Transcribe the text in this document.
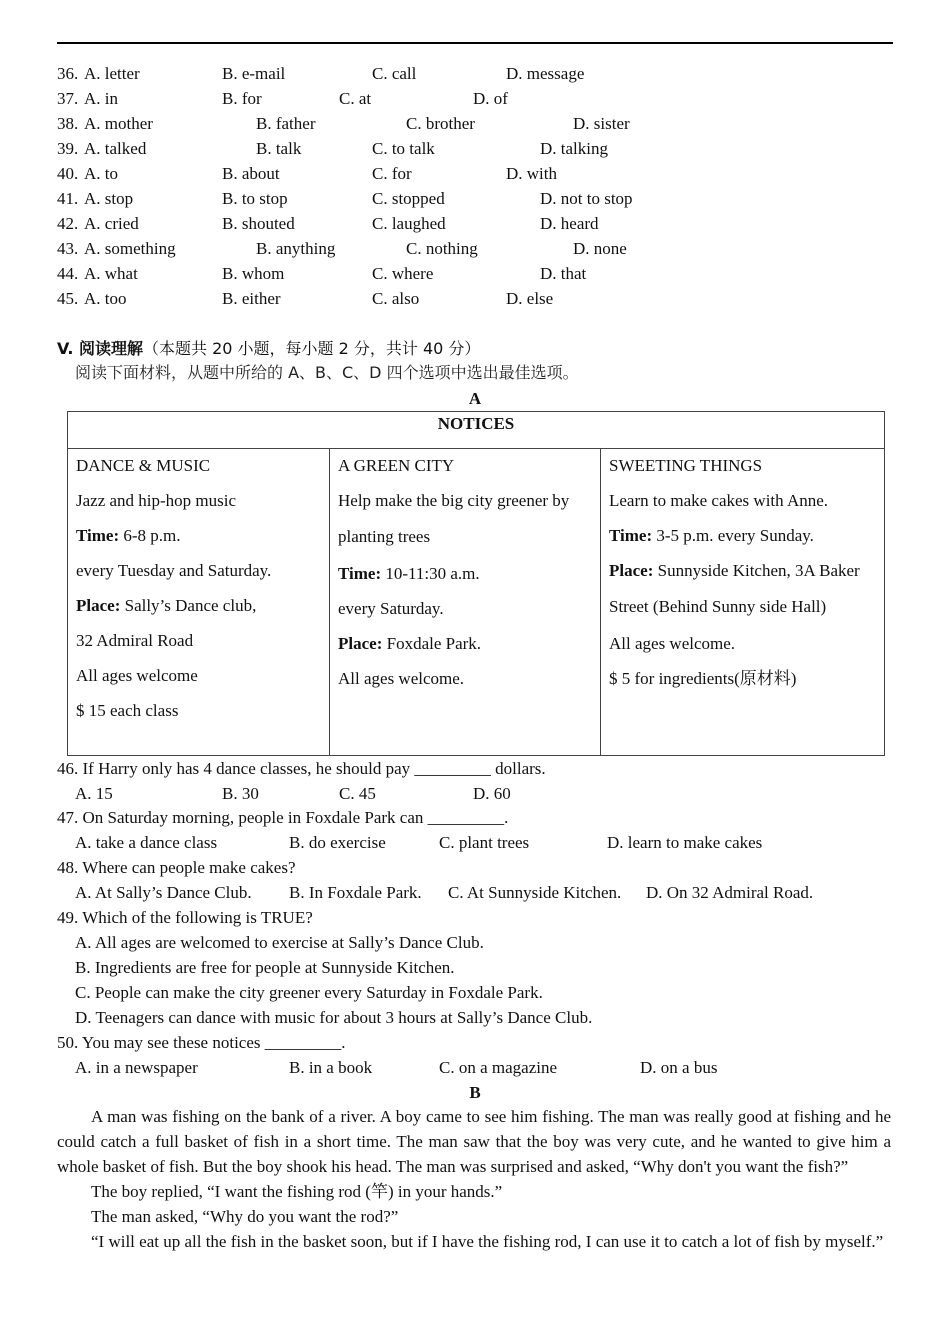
36. A. letter	B. e-mail	C. call	D. message
37. A. in	B. for	C. at	D. of
38. A. mother	B. father	C. brother	D. sister
39. A. talked	B. talk	C. to talk	D. talking
40. A. to	B. about	C. for	D. with
41. A. stop	B. to stop	C. stopped	D. not to stop
42. A. cried	B. shouted	C. laughed	D. heard
43. A. something	B. anything	C. nothing	D. none
44. A. what	B. whom	C. where	D. that
45. A. too	B. either	C. also	D. else
V. 阅读理解（本题共 20 小题，每小题 2 分，共计 40 分）
阅读下面材料，从题中所给的 A、B、C、D 四个选项中选出最佳选项。
A
NOTICES

DANCE & MUSIC

Jazz and hip-hop music

Time: 6-8 p.m.

every Tuesday and Saturday.

Place: Sally’s Dance club,

32 Admiral Road

All ages welcome

$ 15 each class

A GREEN CITY

Help make the big city greener by

planting trees

Time: 10-11:30 a.m.

every Saturday.

Place: Foxdale Park.

All ages welcome.

SWEETING THINGS

Learn to make cakes with Anne.

Time: 3-5 p.m. every Sunday.

Place: Sunnyside Kitchen, 3A Baker

Street (Behind Sunny side Hall)

All ages welcome.

$ 5 for ingredients(原材料)

46. If Harry only has 4 dance classes, he should pay _________ dollars.
A. 15	B. 30	C. 45	D. 60
47. On Saturday morning, people in Foxdale Park can _________.
A. take a dance class	B. do exercise	C. plant trees	D. learn to make cakes
48. Where can people make cakes?
A. At Sally’s Dance Club. B. In Foxdale Park. C. At Sunnyside Kitchen. D. On 32 Admiral Road.
49. Which of the following is TRUE?
A. All ages are welcomed to exercise at Sally’s Dance Club.
B. Ingredients are free for people at Sunnyside Kitchen.
C. People can make the city greener every Saturday in Foxdale Park.
D. Teenagers can dance with music for about 3 hours at Sally’s Dance Club.
50. You may see these notices _________.
A. in a newspaper	B. in a book	C. on a magazine	D. on a bus
B
A man was fishing on the bank of a river. A boy came to see him fishing. The man was really good at fishing and he could catch a full basket of fish in a short time. The man saw that the boy was very cute, and he wanted to give him a whole basket of fish. But the boy shook his head. The man was surprised and asked, “Why don't you want the fish?”
The boy replied, “I want the fishing rod (竿) in your hands.”
The man asked, “Why do you want the rod?”
“I will eat up all the fish in the basket soon, but if I have the fishing rod, I can use it to catch a lot of fish by myself.”
